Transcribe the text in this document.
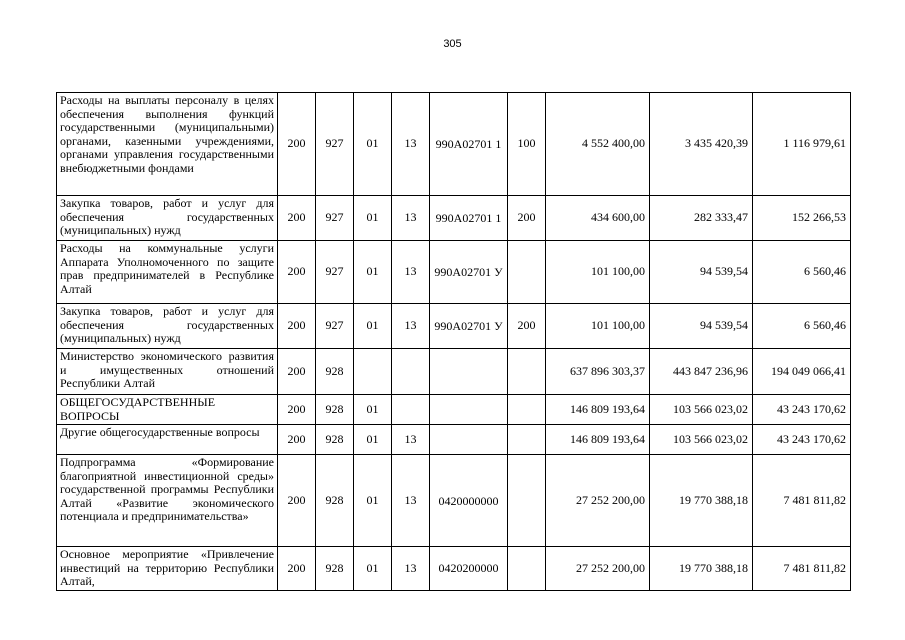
305
Расходы на выплаты персоналу в целях обеспечения выполнения функций государственными (муниципальными) органами, казенными учреждениями, органами управления государственными внебюджетными фондами	200	927	01	13	990А02701 1	100	4 552 400,00	3 435 420,39	1 116 979,61
Закупка товаров, работ и услуг для обеспечения государственных (муниципальных) нужд	200	927	01	13	990А02701 1	200	434 600,00	282 333,47	152 266,53
Расходы на коммунальные услуги Аппарата Уполномоченного по защите прав предпринимателей в Республике Алтай	200	927	01	13	990А02701 У		101 100,00	94 539,54	6 560,46
Закупка товаров, работ и услуг для обеспечения государственных (муниципальных) нужд	200	927	01	13	990А02701 У	200	101 100,00	94 539,54	6 560,46
Министерство экономического развития и имущественных отношений Республики Алтай	200	928					637 896 303,37	443 847 236,96	194 049 066,41
ОБЩЕГОСУДАРСТВЕННЫЕ ВОПРОСЫ	200	928	01				146 809 193,64	103 566 023,02	43 243 170,62
Другие общегосударственные вопросы	200	928	01	13			146 809 193,64	103 566 023,02	43 243 170,62
Подпрограмма «Формирование благоприятной инвестиционной среды» государственной программы Республики Алтай «Развитие экономического потенциала и предпринимательства»	200	928	01	13	0420000000		27 252 200,00	19 770 388,18	7 481 811,82
Основное мероприятие «Привлечение инвестиций на территорию Республики Алтай,	200	928	01	13	0420200000		27 252 200,00	19 770 388,18	7 481 811,82
